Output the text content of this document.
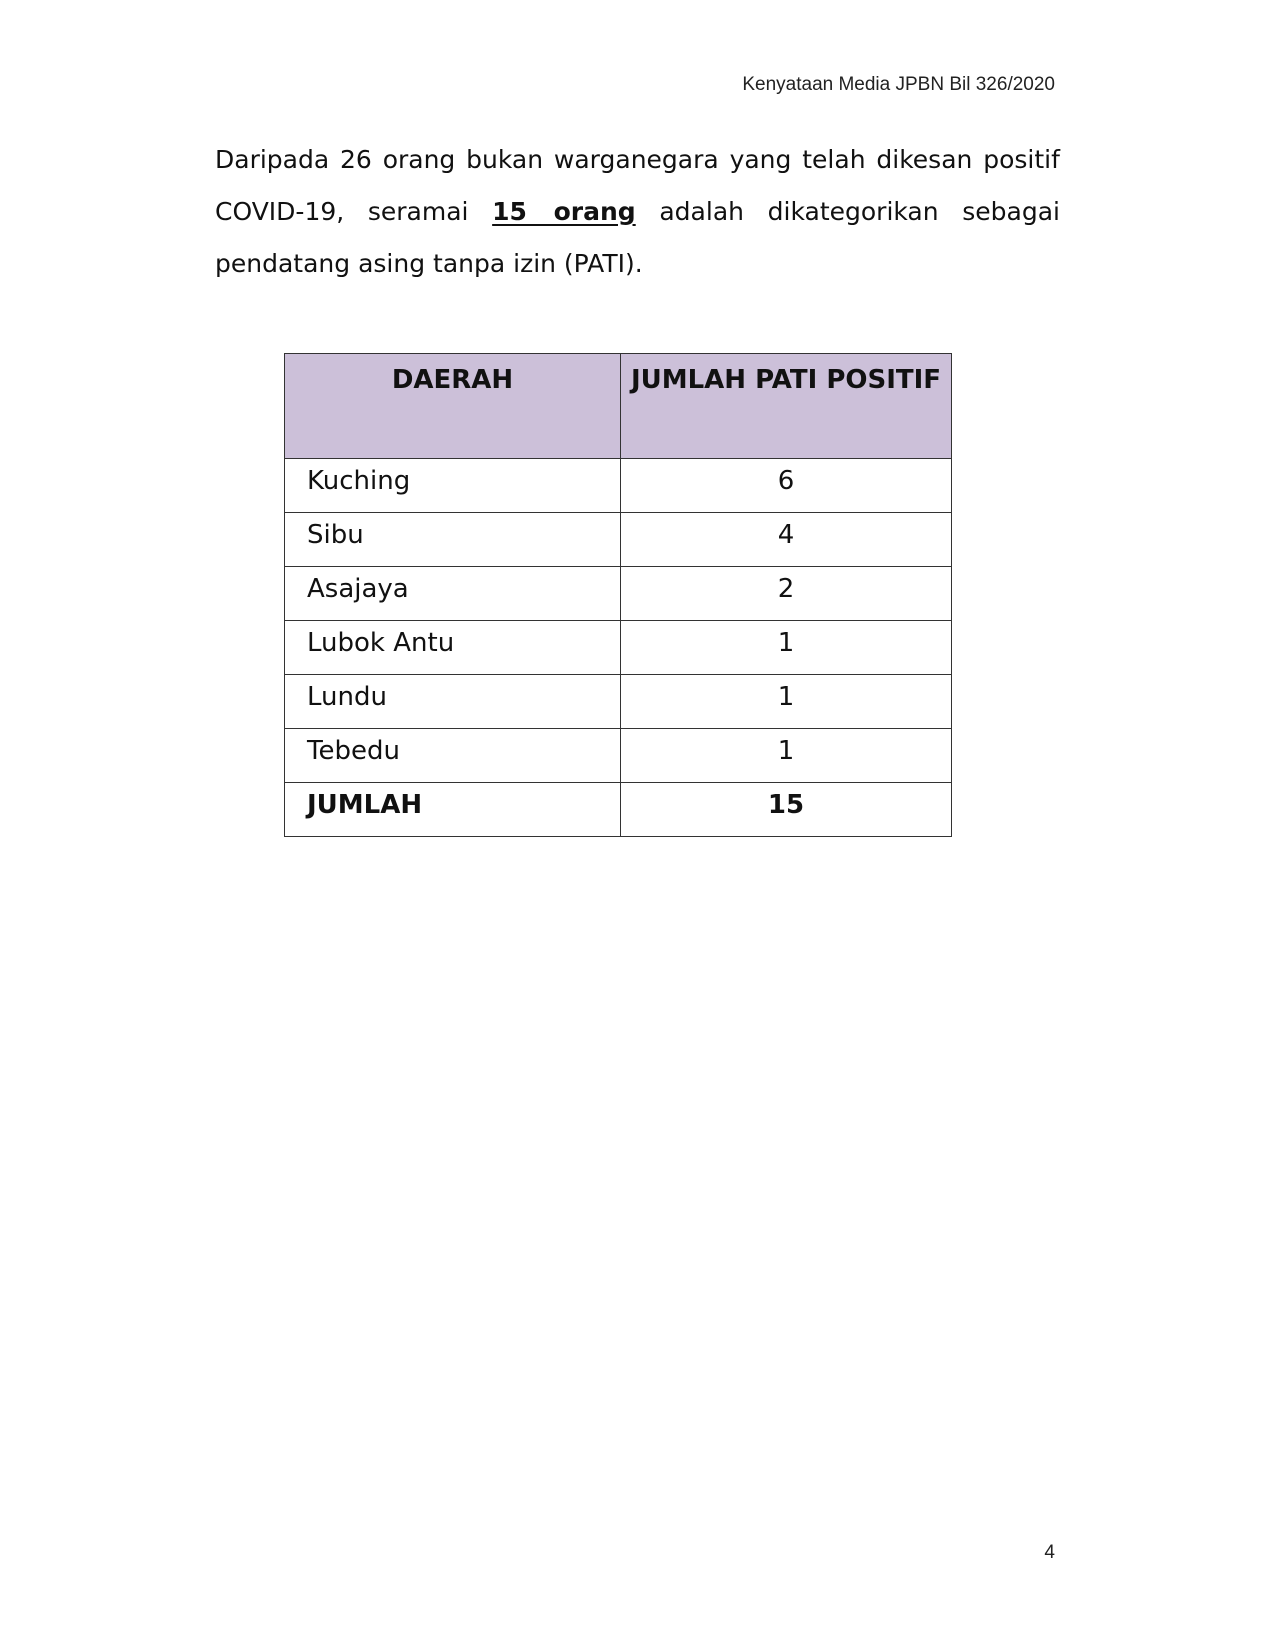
Kenyataan Media JPBN Bil 326/2020
Daripada 26 orang bukan warganegara yang telah dikesan positif
COVID-19, seramai 15 orang adalah dikategorikan sebagai
pendatang asing tanpa izin (PATI).
DAERAH	JUMLAH PATI POSITIF
Kuching	6
Sibu	4
Asajaya	2
Lubok Antu	1
Lundu	1
Tebedu	1
JUMLAH	15
4
